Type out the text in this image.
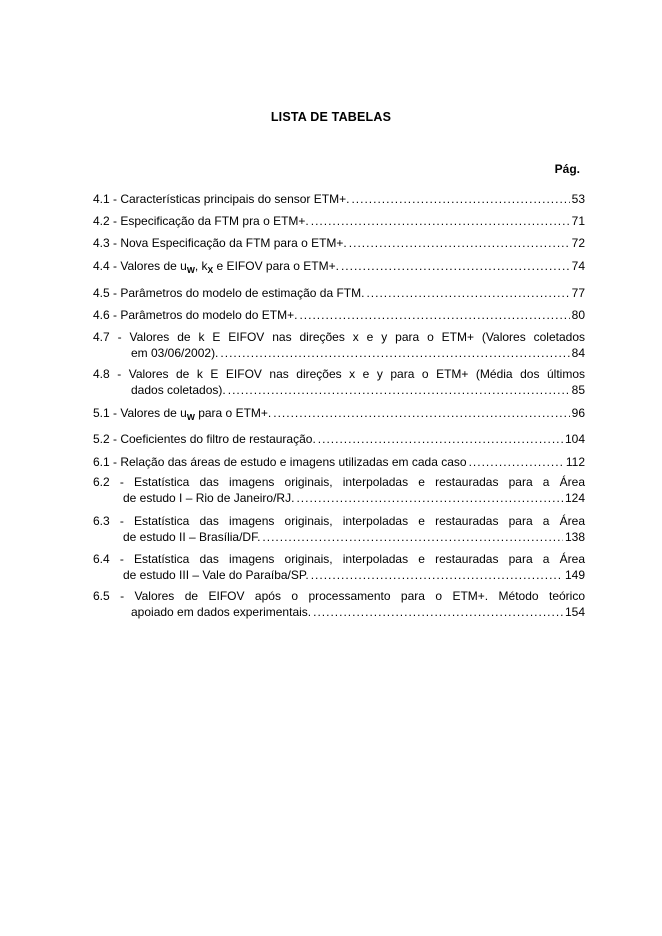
LISTA DE TABELAS
Pág.
4.1 - Características principais do sensor ETM+. .....	53
4.2 - Especificação da FTM pra o ETM+. .....	71
4.3 - Nova Especificação da FTM para o ETM+. .....	72
4.4 - Valores de $u_W$, $k_X$ e EIFOV para o ETM+. .....	74
4.5 - Parâmetros do modelo de estimação da FTM. .....	77
4.6 - Parâmetros do modelo do ETM+. .....	80
4.7 - Valores de k E EIFOV nas direções x e y para o ETM+ (Valores coletados
em 03/06/2002). .....	84
4.8 - Valores de k E EIFOV nas direções x e y para o ETM+ (Média dos últimos
dados coletados). .....	85
5.1 - Valores de $u_W$ para o ETM+. .....	96
5.2 - Coeficientes do filtro de restauração. .....	104
6.1 - Relação das áreas de estudo e imagens utilizadas em cada caso .....	112
6.2 - Estatística das imagens originais, interpoladas e restauradas para a Área
de estudo I – Rio de Janeiro/RJ. .....	124
6.3 - Estatística das imagens originais, interpoladas e restauradas para a Área
de estudo II – Brasília/DF. .....	138
6.4 - Estatística das imagens originais, interpoladas e restauradas para a Área
de estudo III – Vale do Paraíba/SP. .....	149
6.5 - Valores de EIFOV após o processamento para o ETM+. Método teórico
apoiado em dados experimentais. .....	154
